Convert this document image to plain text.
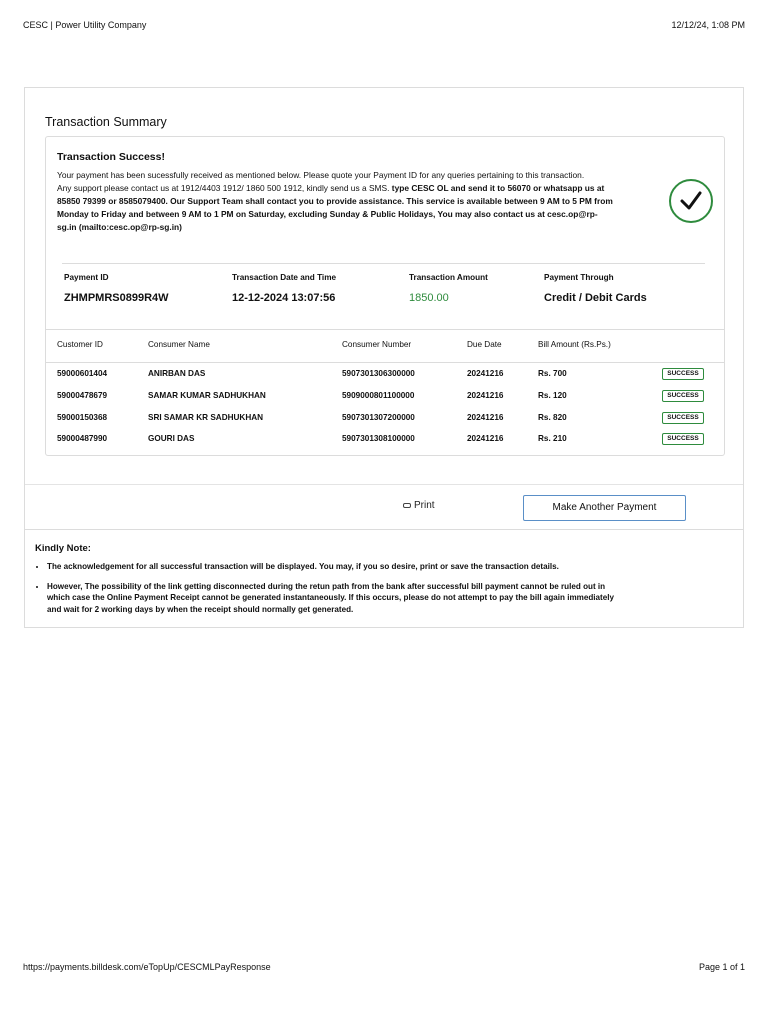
CESC | Power Utility Company	12/12/24, 1:08 PM
Transaction Summary
Transaction Success!
Your payment has been sucessfully received as mentioned below. Please quote your Payment ID for any queries pertaining to this transaction.
Any support please contact us at 1912/4403 1912/ 1860 500 1912, kindly send us a SMS. type CESC OL and send it to 56070 or whatsapp us at 85850 79399 or 8585079400. Our Support Team shall contact you to provide assistance. This service is available between 9 AM to 5 PM from Monday to Friday and between 9 AM to 1 PM on Saturday, excluding Sunday & Public Holidays, You may also contact us at cesc.op@rp-sg.in (mailto:cesc.op@rp-sg.in)
Payment ID
ZHMPMRS0899R4W
Transaction Date and Time
12-12-2024 13:07:56
Transaction Amount
1850.00
Payment Through
Credit / Debit Cards
Customer ID	Consumer Name	Consumer Number	Due Date	Bill Amount (Rs.Ps.)
59000601404	ANIRBAN DAS	5907301306300000	20241216	Rs. 700	SUCCESS
59000478679	SAMAR KUMAR SADHUKHAN	5909000801100000	20241216	Rs. 120	SUCCESS
59000150368	SRI SAMAR KR SADHUKHAN	5907301307200000	20241216	Rs. 820	SUCCESS
59000487990	GOURI DAS	5907301308100000	20241216	Rs. 210	SUCCESS
Print	Make Another Payment
Kindly Note:
• The acknowledgement for all successful transaction will be displayed. You may, if you so desire, print or save the transaction details.
• However, The possibility of the link getting disconnected during the retun path from the bank after successful bill payment cannot be ruled out in which case the Online Payment Receipt cannot be generated instantaneously. If this occurs, please do not attempt to pay the bill again immediately and wait for 2 working days by when the receipt should normally get generated.
https://payments.billdesk.com/eTopUp/CESCMLPayResponse	Page 1 of 1
